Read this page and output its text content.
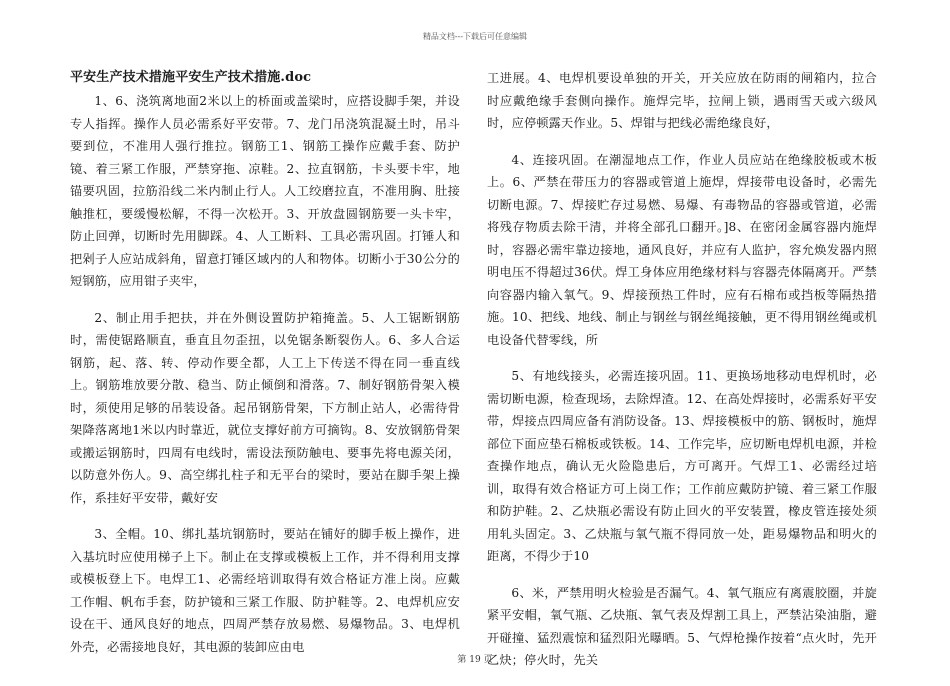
精品文档---下载后可任意编辑
平安生产技术措施平安生产技术措施.doc

1、6、浇筑离地面2米以上的桥面或盖梁时，应搭设脚手架，并设专人指挥。操作人员必需系好平安带。7、龙门吊浇筑混凝土时，吊斗要到位，不准用人强行推拉。钢筋工1、钢筋工操作应戴手套、防护镜、着三紧工作服，严禁穿拖、凉鞋。2、拉直钢筋，卡头要卡牢，地锚要巩固，拉筋沿线二米内制止行人。人工绞磨拉直，不准用胸、肚接触推杠，要缓慢松解，不得一次松开。3、开放盘圆钢筋要一头卡牢，防止回弹，切断时先用脚踩。4、人工断料、工具必需巩固。打锤人和把剁子人应站成斜角，留意打锤区域内的人和物体。切断小于30公分的短钢筋，应用钳子夹牢，

2、制止用手把扶，并在外侧设置防护箱掩盖。5、人工锯断钢筋时，需使锯路顺直，垂直且勿歪扭，以免锯条断裂伤人。6、多人合运钢筋，起、落、转、停动作要全都，人工上下传送不得在同一垂直线上。钢筋堆放要分散、稳当、防止倾倒和滑落。7、制好钢筋骨架入模时，须使用足够的吊装设备。起吊钢筋骨架，下方制止站人，必需待骨架降落离地1米以内时靠近，就位支撑好前方可摘钩。8、安放钢筋骨架或搬运钢筋时，四周有电线时，需设法预防触电、要事先将电源关闭，以防意外伤人。9、高空绑扎柱子和无平台的梁时，要站在脚手架上操作，系挂好平安带，戴好安

3、全帽。10、绑扎基坑钢筋时，要站在铺好的脚手板上操作，进入基坑时应使用梯子上下。制止在支撑或模板上工作，并不得利用支撑或模板登上下。电焊工1、必需经培训取得有效合格证方准上岗。应戴工作帽、帆布手套，防护镜和三紧工作服、防护鞋等。2、电焊机应安设在干、通风良好的地点，四周严禁存放易燃、易爆物品。3、电焊机外壳，必需接地良好，其电源的装卸应由电

工进展。4、电焊机要设单独的开关，开关应放在防雨的闸箱内，拉合时应戴绝缘手套侧向操作。施焊完毕，拉闸上锁，遇雨雪天或六级风时，应停顿露天作业。5、焊钳与把线必需绝缘良好，

4、连接巩固。在潮湿地点工作，作业人员应站在绝缘胶板或木板上。6、严禁在带压力的容器或管道上施焊，焊接带电设备时，必需先切断电源。7、焊接贮存过易燃、易爆、有毒物品的容器或管道，必需将残存物质去除干清，并将全部孔口翻开。]8、在密闭金属容器内施焊时，容器必需牢靠边接地，通风良好，并应有人监护，容允焕发器内照明电压不得超过36伏。焊工身体应用绝缘材料与容器壳体隔离开。严禁向容器内输入氧气。9、焊接预热工件时，应有石棉布或挡板等隔热措施。10、把线、地线、制止与钢丝与钢丝绳接触，更不得用钢丝绳或机电设备代替零线，所

5、有地线接头，必需连接巩固。11、更换场地移动电焊机时，必需切断电源，检查现场，去除焊渣。12、在高处焊接时，必需系好平安带，焊接点四周应备有消防设备。13、焊接模板中的筋、钢板时，施焊部位下面应垫石棉板或铁板。14、工作完毕，应切断电焊机电源，并检查操作地点，确认无火险隐患后，方可离开。气焊工1、必需经过培训，取得有效合格证方可上岗工作；工作前应戴防护镜、着三紧工作服和防护鞋。2、乙炔瓶必需设有防止回火的平安装置，橡皮管连接处须用轧头固定。3、乙炔瓶与氧气瓶不得同放一处，距易爆物品和明火的距离，不得少于10

6、米，严禁用明火检验是否漏气。4、氧气瓶应有离震胶圈，并旋紧平安帽，氧气瓶、乙炔瓶、氧气表及焊割工具上，严禁沾染油脂，避开碰撞、猛烈震惊和猛烈阳光曝晒。5、气焊枪操作按着“点火时，先开乙炔；停火时，先关

第 19 页
